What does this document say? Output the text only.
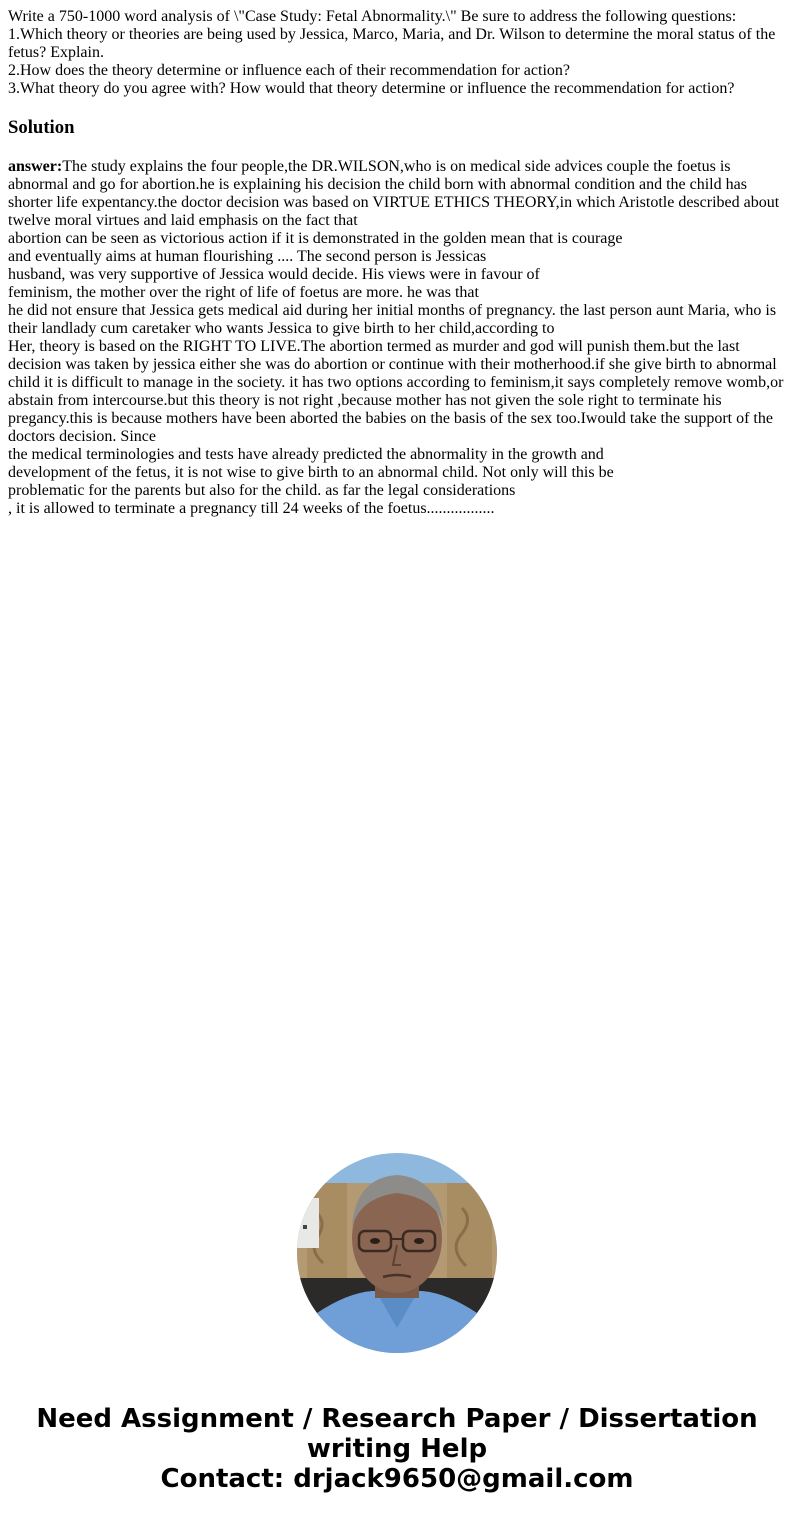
Write a 750-1000 word analysis of \"Case Study: Fetal Abnormality.\" Be sure to address the following questions:

1.Which theory or theories are being used by Jessica, Marco, Maria, and Dr. Wilson to determine the moral status of the fetus? Explain.

2.How does the theory determine or influence each of their recommendation for action?

3.What theory do you agree with? How would that theory determine or influence the recommendation for action?

Solution
answer:The study explains the four people,the DR.WILSON,who is on medical side advices couple the foetus is abnormal and go for abortion.he is explaining his decision the child born with abnormal condition and the child has shorter life expentancy.the doctor decision was based on VIRTUE ETHICS THEORY,in which Aristotle described about twelve moral virtues and laid emphasis on the fact that
abortion can be seen as victorious action if it is demonstrated in the golden mean that is courage
and eventually aims at human flourishing .... The second person is Jessicas
husband, was very supportive of Jessica would decide. His views were in favour of
feminism, the mother over the right of life of foetus are more. he was that
he did not ensure that Jessica gets medical aid during her initial months of pregnancy. the last person aunt Maria, who is their landlady cum caretaker who wants Jessica to give birth to her child,according to
Her, theory is based on the RIGHT TO LIVE.The abortion termed as murder and god will punish them.but the last decision was taken by jessica either she was do abortion or continue with their motherhood.if she give birth to abnormal child it is difficult to manage in the society. it has two options according to feminism,it says completely remove womb,or abstain from intercourse.but this theory is not right ,because mother has not given the sole right to terminate his pregancy.this is because mothers have been aborted the babies on the basis of the sex too.Iwould take the support of the doctors decision. Since
the medical terminologies and tests have already predicted the abnormality in the growth and
development of the fetus, it is not wise to give birth to an abnormal child. Not only will this be
problematic for the parents but also for the child. as far the legal considerations
, it is allowed to terminate a pregnancy till 24 weeks of the foetus.................
Need Assignment / Research Paper / Dissertation
writing Help
Contact: drjack9650@gmail.com
